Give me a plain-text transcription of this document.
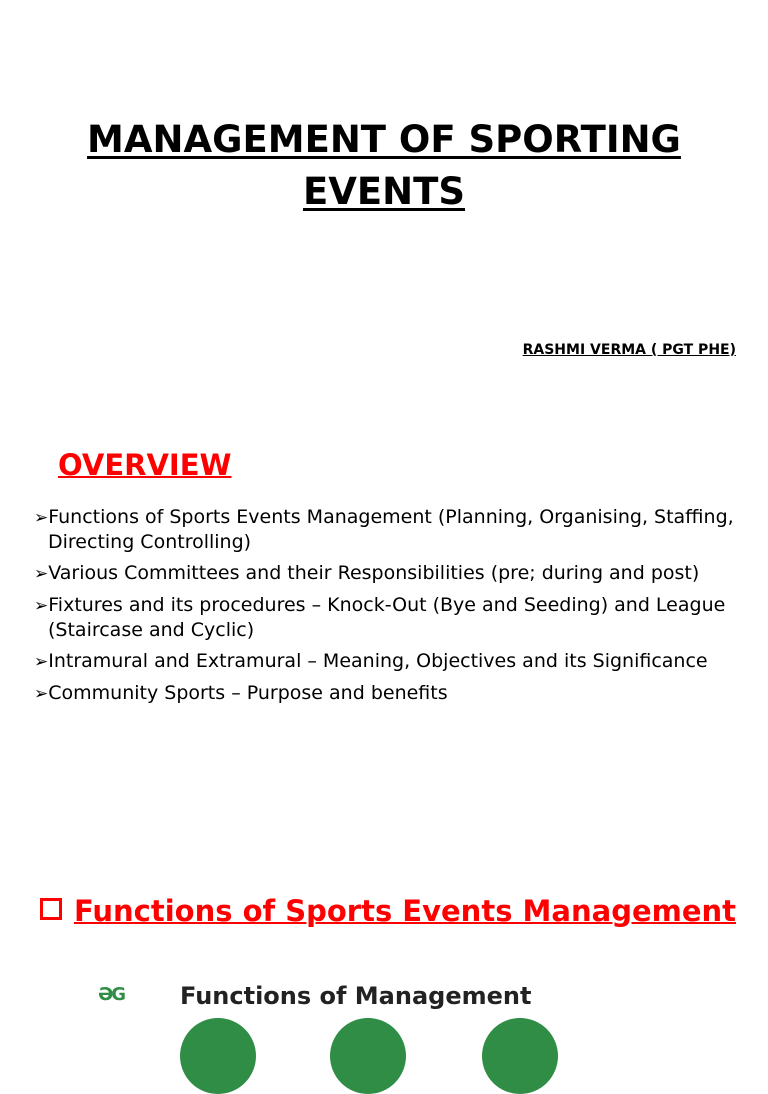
MANAGEMENT OF SPORTING
EVENTS
RASHMI VERMA ( PGT PHE)
OVERVIEW
➢Functions of Sports Events Management (Planning, Organising, Staffing, Directing Controlling)
➢Various Committees and their Responsibilities (pre; during and post)
➢Fixtures and its procedures – Knock-Out (Bye and Seeding) and League (Staircase and Cyclic)
➢Intramural and Extramural – Meaning, Objectives and its Significance
➢Community Sports – Purpose and benefits
Functions of Sports Events Management
ƏG Functions of Management
